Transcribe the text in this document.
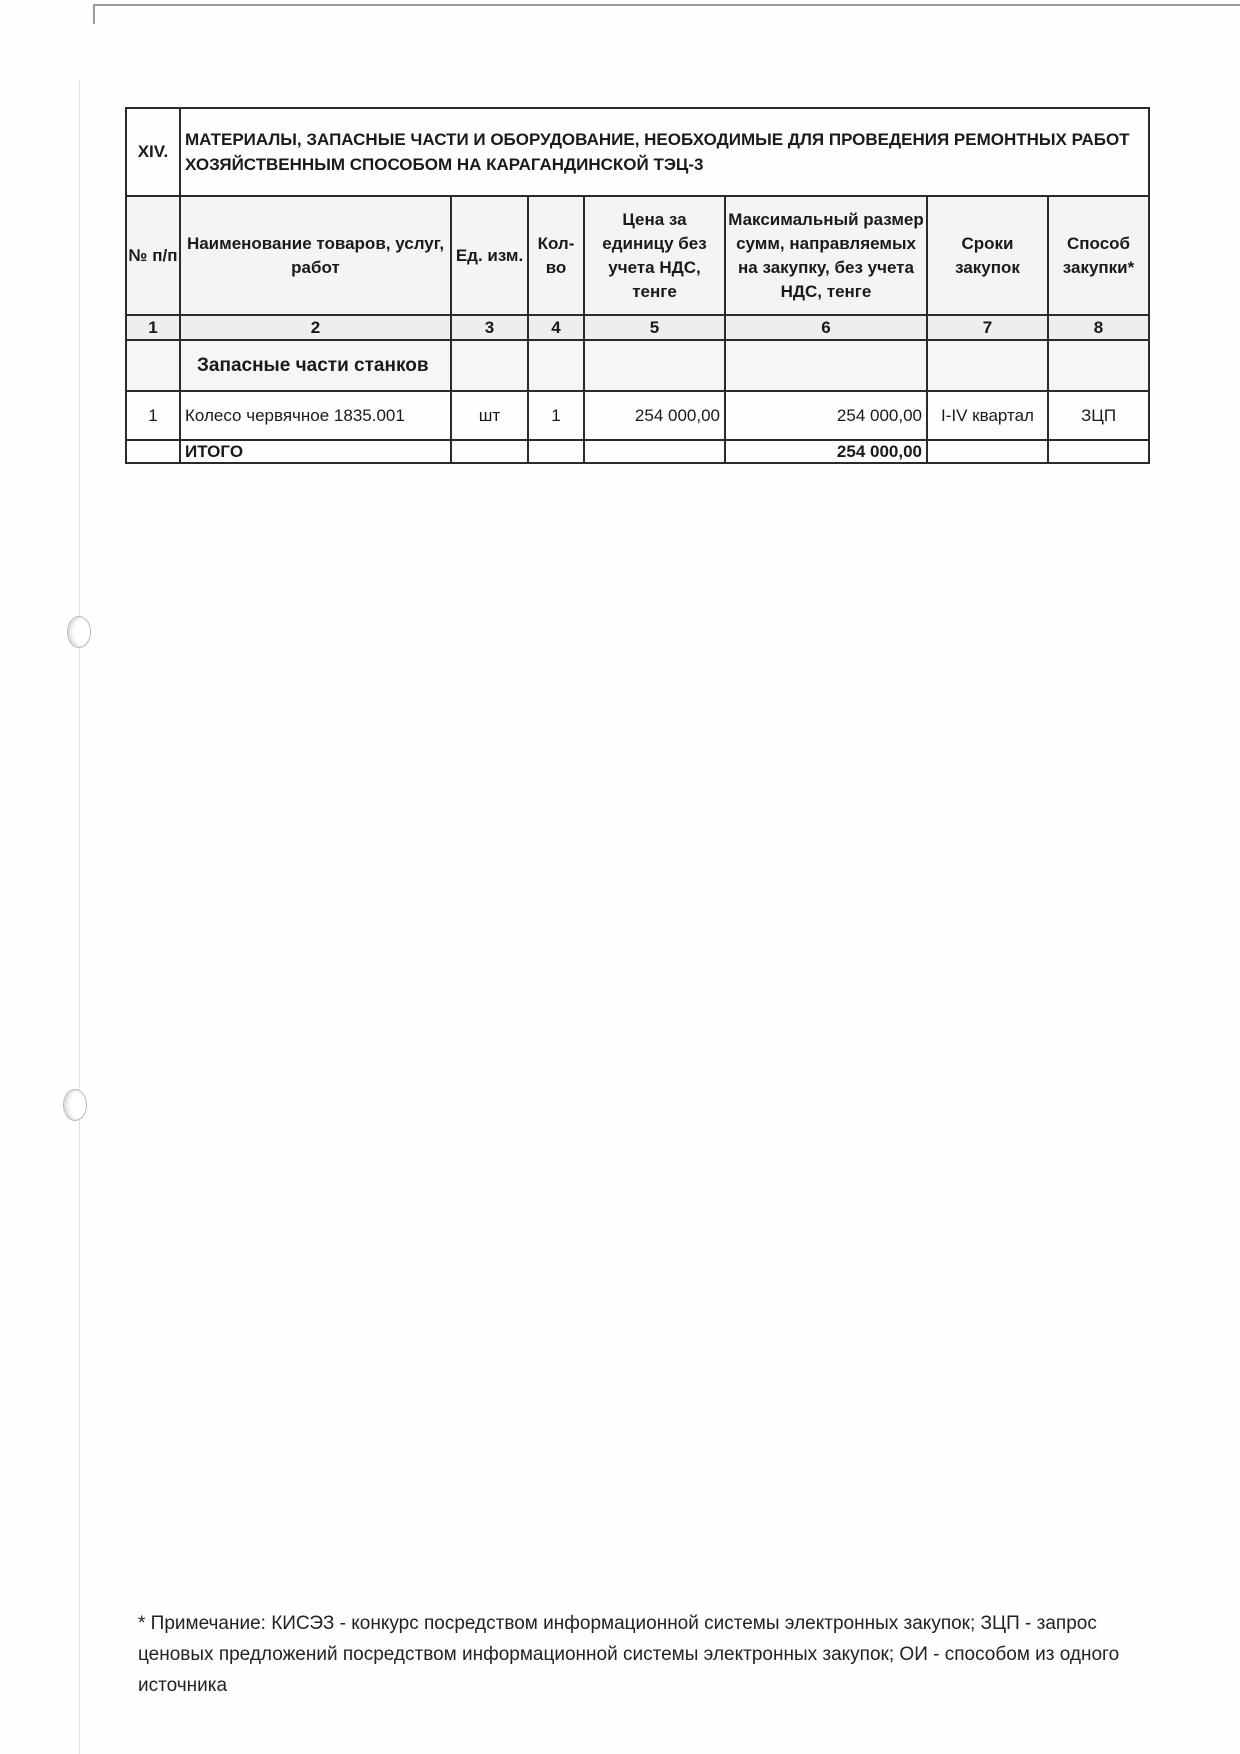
XIV.	МАТЕРИАЛЫ, ЗАПАСНЫЕ ЧАСТИ И ОБОРУДОВАНИЕ, НЕОБХОДИМЫЕ ДЛЯ ПРОВЕДЕНИЯ РЕМОНТНЫХ РАБОТ ХОЗЯЙСТВЕННЫМ СПОСОБОМ НА КАРАГАНДИНСКОЙ ТЭЦ-3						
№ п/п	Наименование товаров, услуг, работ	Ед. изм.	Кол-во	Цена за единицу без учета НДС, тенге	Максимальный размер сумм, направляемых на закупку, без учета НДС, тенге	Сроки закупок	Способ закупки*
1	2	3	4	5	6	7	8
	Запасные части станков						
1	Колесо червячное 1835.001	шт	1	254 000,00	254 000,00	I-IV квартал	ЗЦП
	ИТОГО				254 000,00		
* Примечание: КИСЭЗ - конкурс посредством информационной системы электронных закупок; ЗЦП - запрос ценовых предложений посредством информационной системы электронных закупок; ОИ - способом из одного источника
